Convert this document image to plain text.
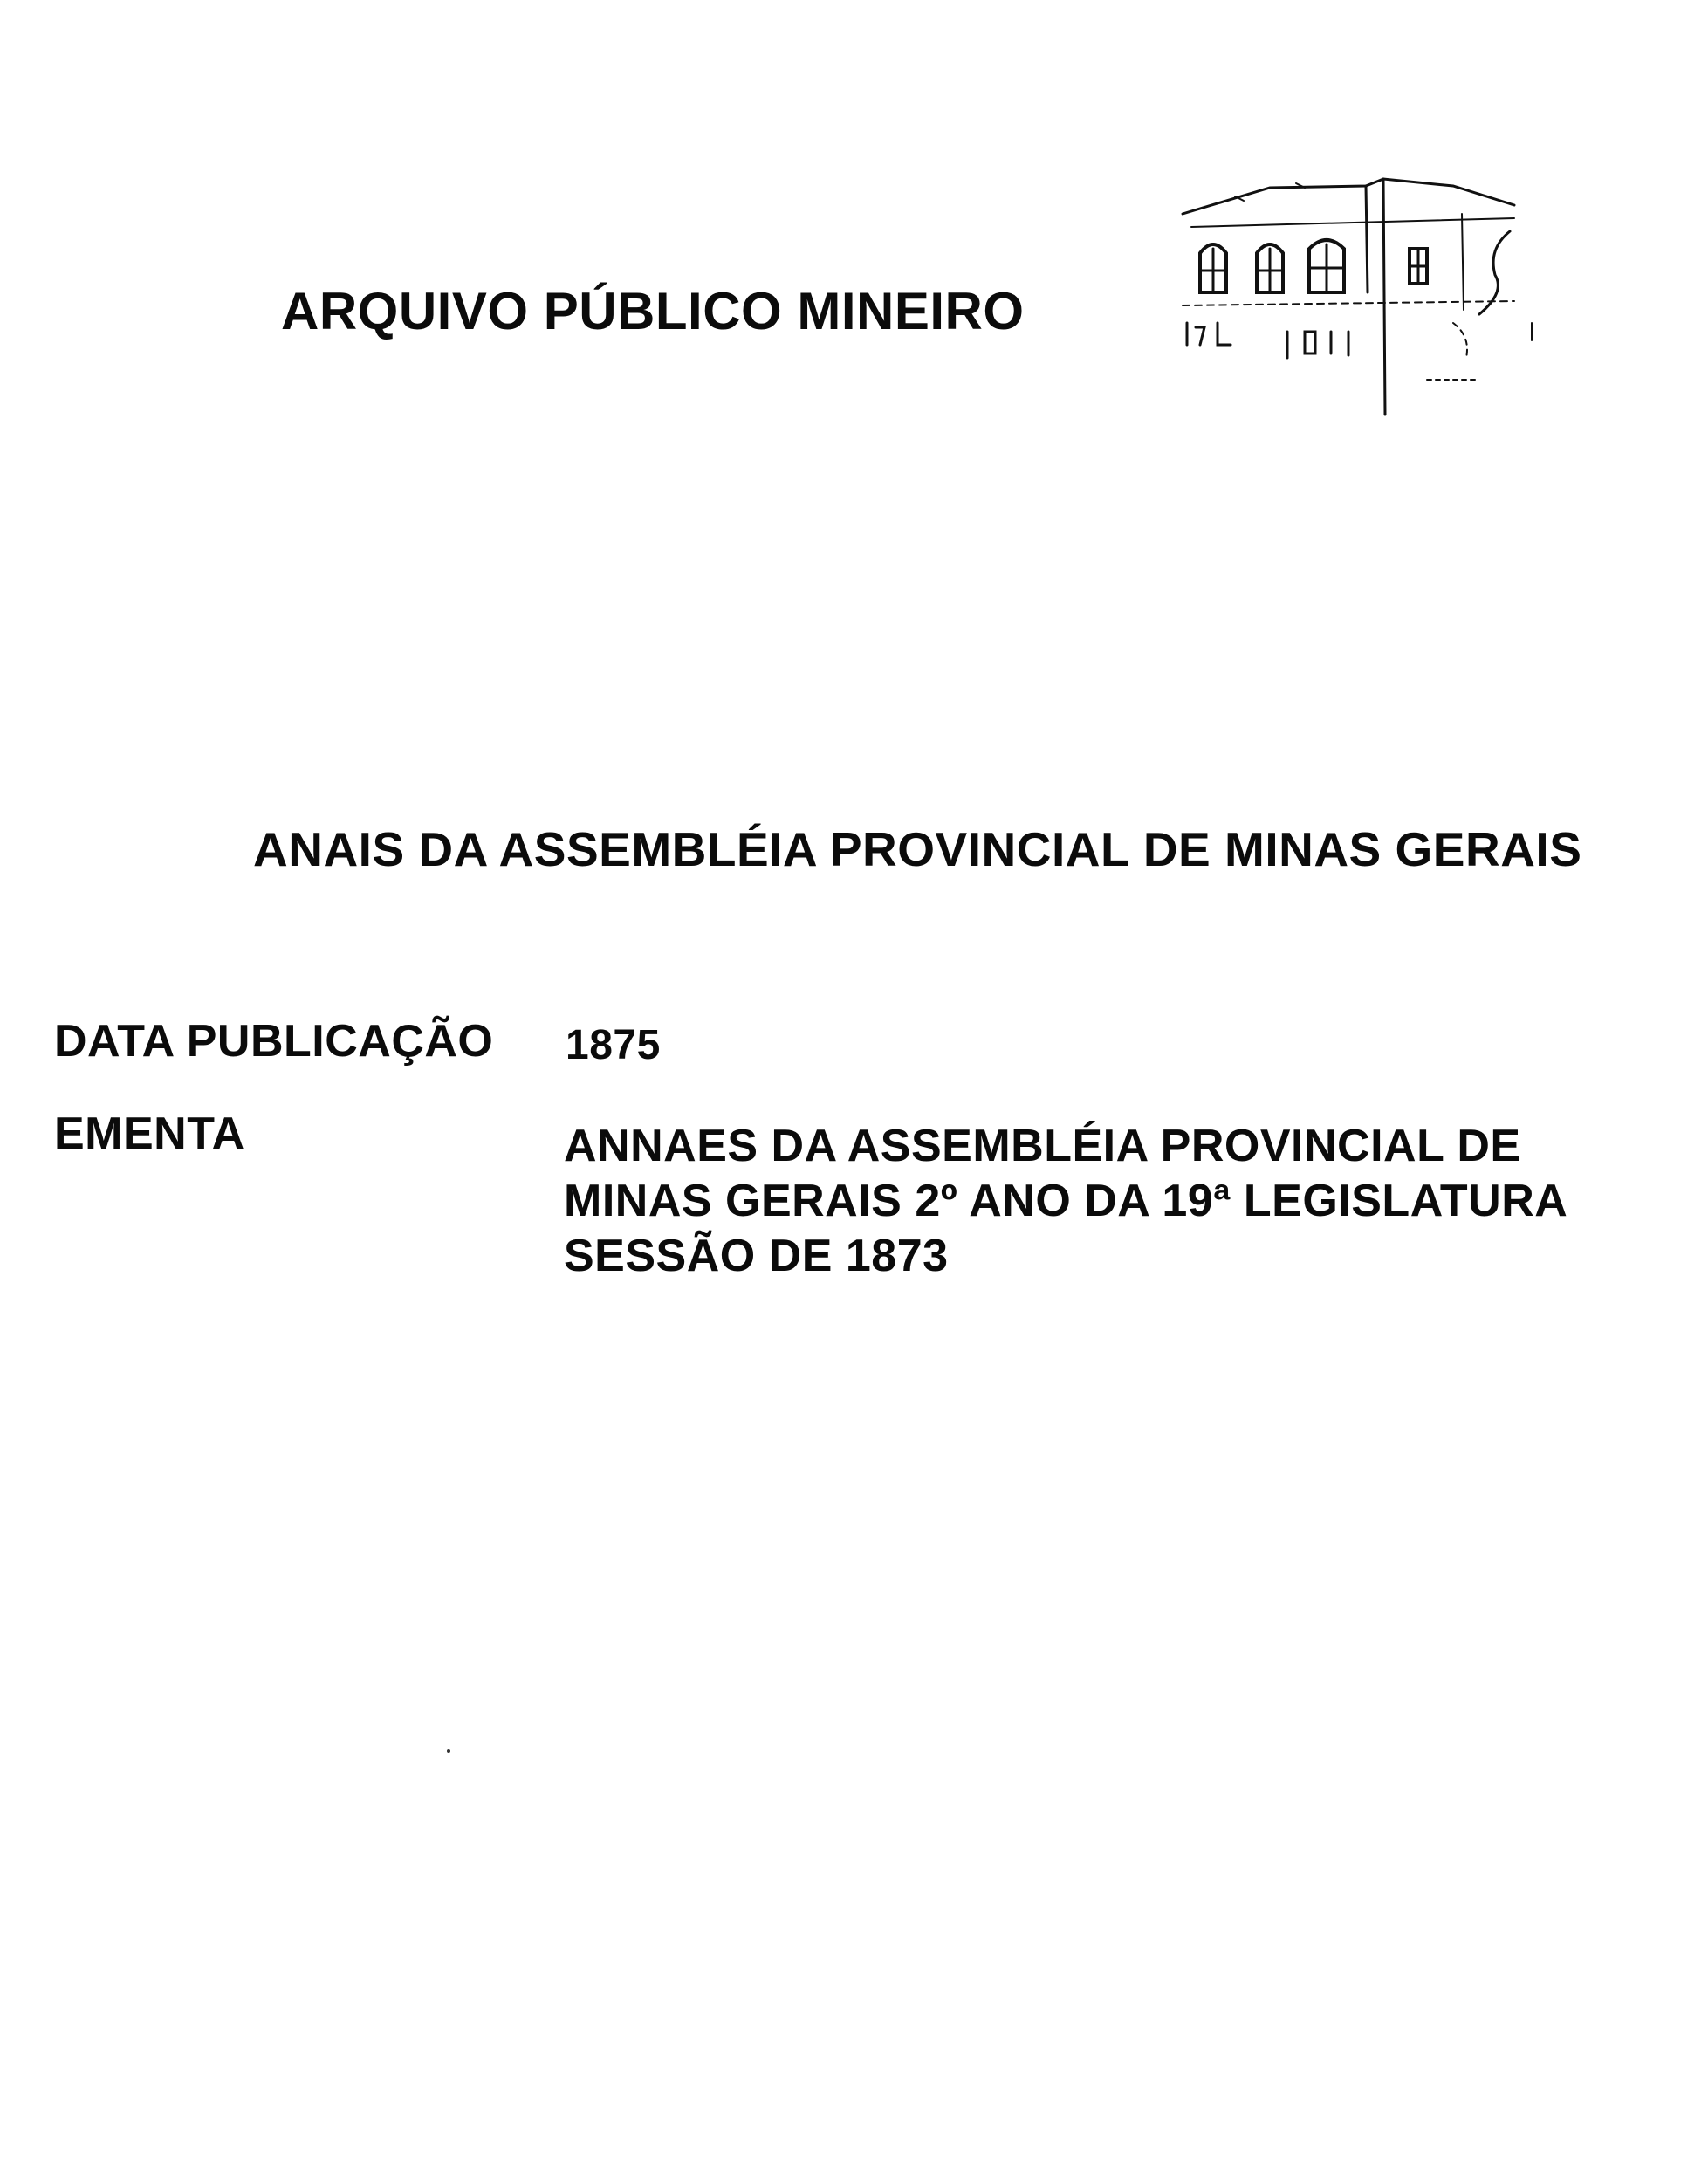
ARQUIVO PÚBLICO MINEIRO
ANAIS DA ASSEMBLÉIA PROVINCIAL DE MINAS GERAIS
DATA PUBLICAÇÃO 1875
EMENTA	ANNAES DA ASSEMBLÉIA PROVINCIAL DE
MINAS GERAIS 2º ANO DA 19ª LEGISLATURA
SESSÃO DE 1873
